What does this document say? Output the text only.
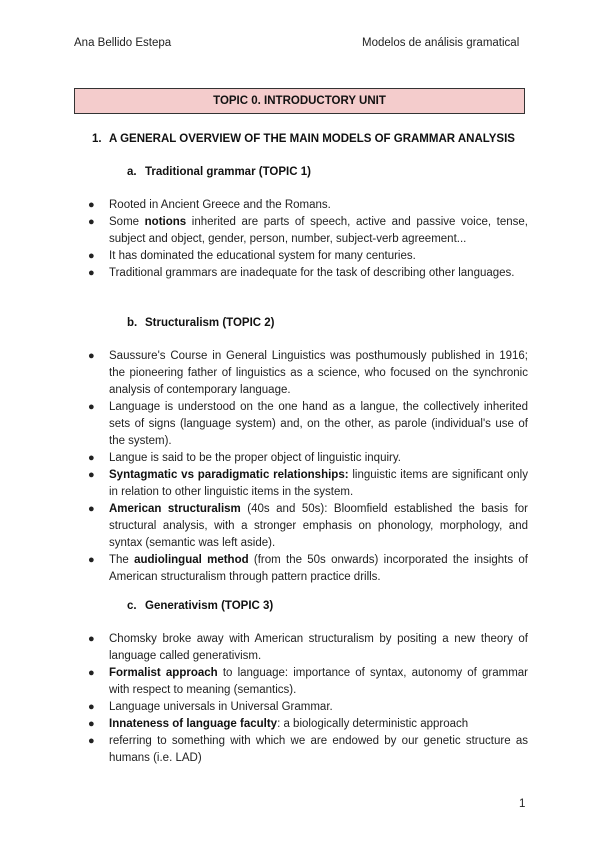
Ana Bellido Estepa	Modelos de análisis gramatical
TOPIC 0. INTRODUCTORY UNIT
1. A GENERAL OVERVIEW OF THE MAIN MODELS OF GRAMMAR ANALYSIS
a. Traditional grammar (TOPIC 1)
● Rooted in Ancient Greece and the Romans.
● Some notions inherited are parts of speech, active and passive voice, tense, subject and object, gender, person, number, subject-verb agreement...
● It has dominated the educational system for many centuries.
● Traditional grammars are inadequate for the task of describing other languages.
b. Structuralism (TOPIC 2)
● Saussure's Course in General Linguistics was posthumously published in 1916; the pioneering father of linguistics as a science, who focused on the synchronic analysis of contemporary language.
● Language is understood on the one hand as a langue, the collectively inherited sets of signs (language system) and, on the other, as parole (individual's use of the system).
● Langue is said to be the proper object of linguistic inquiry.
● Syntagmatic vs paradigmatic relationships: linguistic items are significant only in relation to other linguistic items in the system.
● American structuralism (40s and 50s): Bloomfield established the basis for structural analysis, with a stronger emphasis on phonology, morphology, and syntax (semantic was left aside).
● The audiolingual method (from the 50s onwards) incorporated the insights of American structuralism through pattern practice drills.
c. Generativism (TOPIC 3)
● Chomsky broke away with American structuralism by positing a new theory of language called generativism.
● Formalist approach to language: importance of syntax, autonomy of grammar with respect to meaning (semantics).
● Language universals in Universal Grammar.
● Innateness of language faculty: a biologically deterministic approach
● referring to something with which we are endowed by our genetic structure as humans (i.e. LAD)
1
